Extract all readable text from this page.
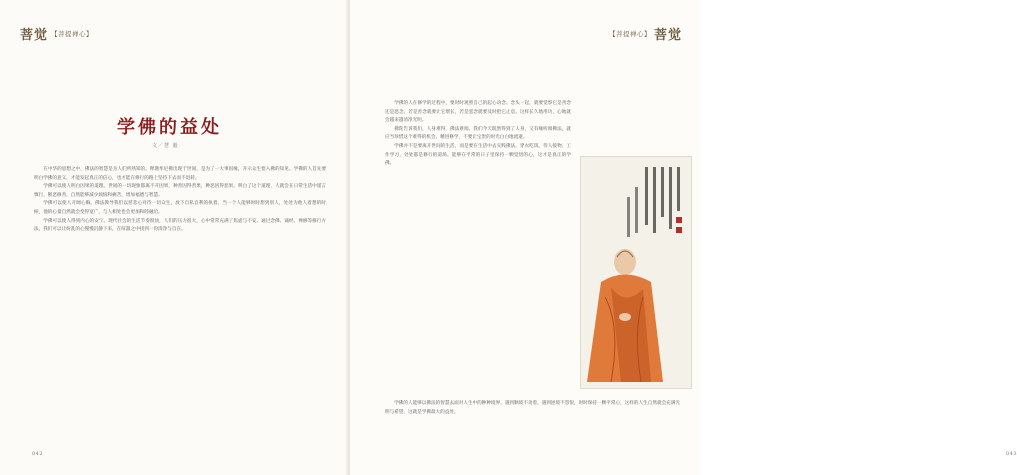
菩觉 【菩提禅心】
学佛的益处
文／慧 毅

在中华的思想之中，佛法的智慧是为人们所熟知的。释迦牟尼佛出现于世间，是为了一大事因缘，开示众生悟入佛的知见。学佛的人首先要明白学佛的意义，才能发起真正的信心，也才能在修行的路上坚持下去而不退转。

学佛可以使人明白因果的道理。世间的一切现象都离不开因果，种善因得善果，种恶因得恶果。明白了这个道理，人就会在日常生活中谨言慎行，断恶修善，自然能够减少烦恼和痛苦，增加福德与智慧。

学佛可以使人开阔心胸。佛法教导我们以慈悲心对待一切众生，放下自私自利的执着。当一个人能够时时想到别人，处处为他人着想的时候，他的心量自然就会变得宽广，与人相处也会更加和睦融洽。

学佛可以使人得到内心的安宁。现代社会的生活节奏很快，人们的压力很大，心中常常充满了焦虑与不安。通过念佛、诵经、禅修等修行方法，我们可以让纷乱的心慢慢沉静下来，在喧嚣之中找到一份清净与自在。

042
【菩提禅心】 菩觉
043

学佛的人在修学的过程中，要时时观照自己的起心动念。念头一起，就要觉察它是善念还是恶念，若是善念就要让它增长，若是恶念就要及时把它止息。这样长久地用功，心地就会越来越清净光明。

佛陀告诉我们，人身难得，佛法难闻。我们今天既然得到了人身，又有缘听闻佛法，就应当珍惜这个难得的机会，精进修学，不要让宝贵的时光白白地流逝。

学佛并不是要离开世间的生活，而是要在生活中去实践佛法。穿衣吃饭、待人接物、工作学习，处处都是修行的道场。能够在平常的日子里保持一颗觉悟的心，这才是真正的学佛。

学佛的人能够以佛法的智慧去面对人生中的种种境界，遇到顺境不贪着，遇到逆境不怨恨，时时保持一颗平常心，这样的人生自然就会充满光明与希望，这就是学佛最大的益处。
